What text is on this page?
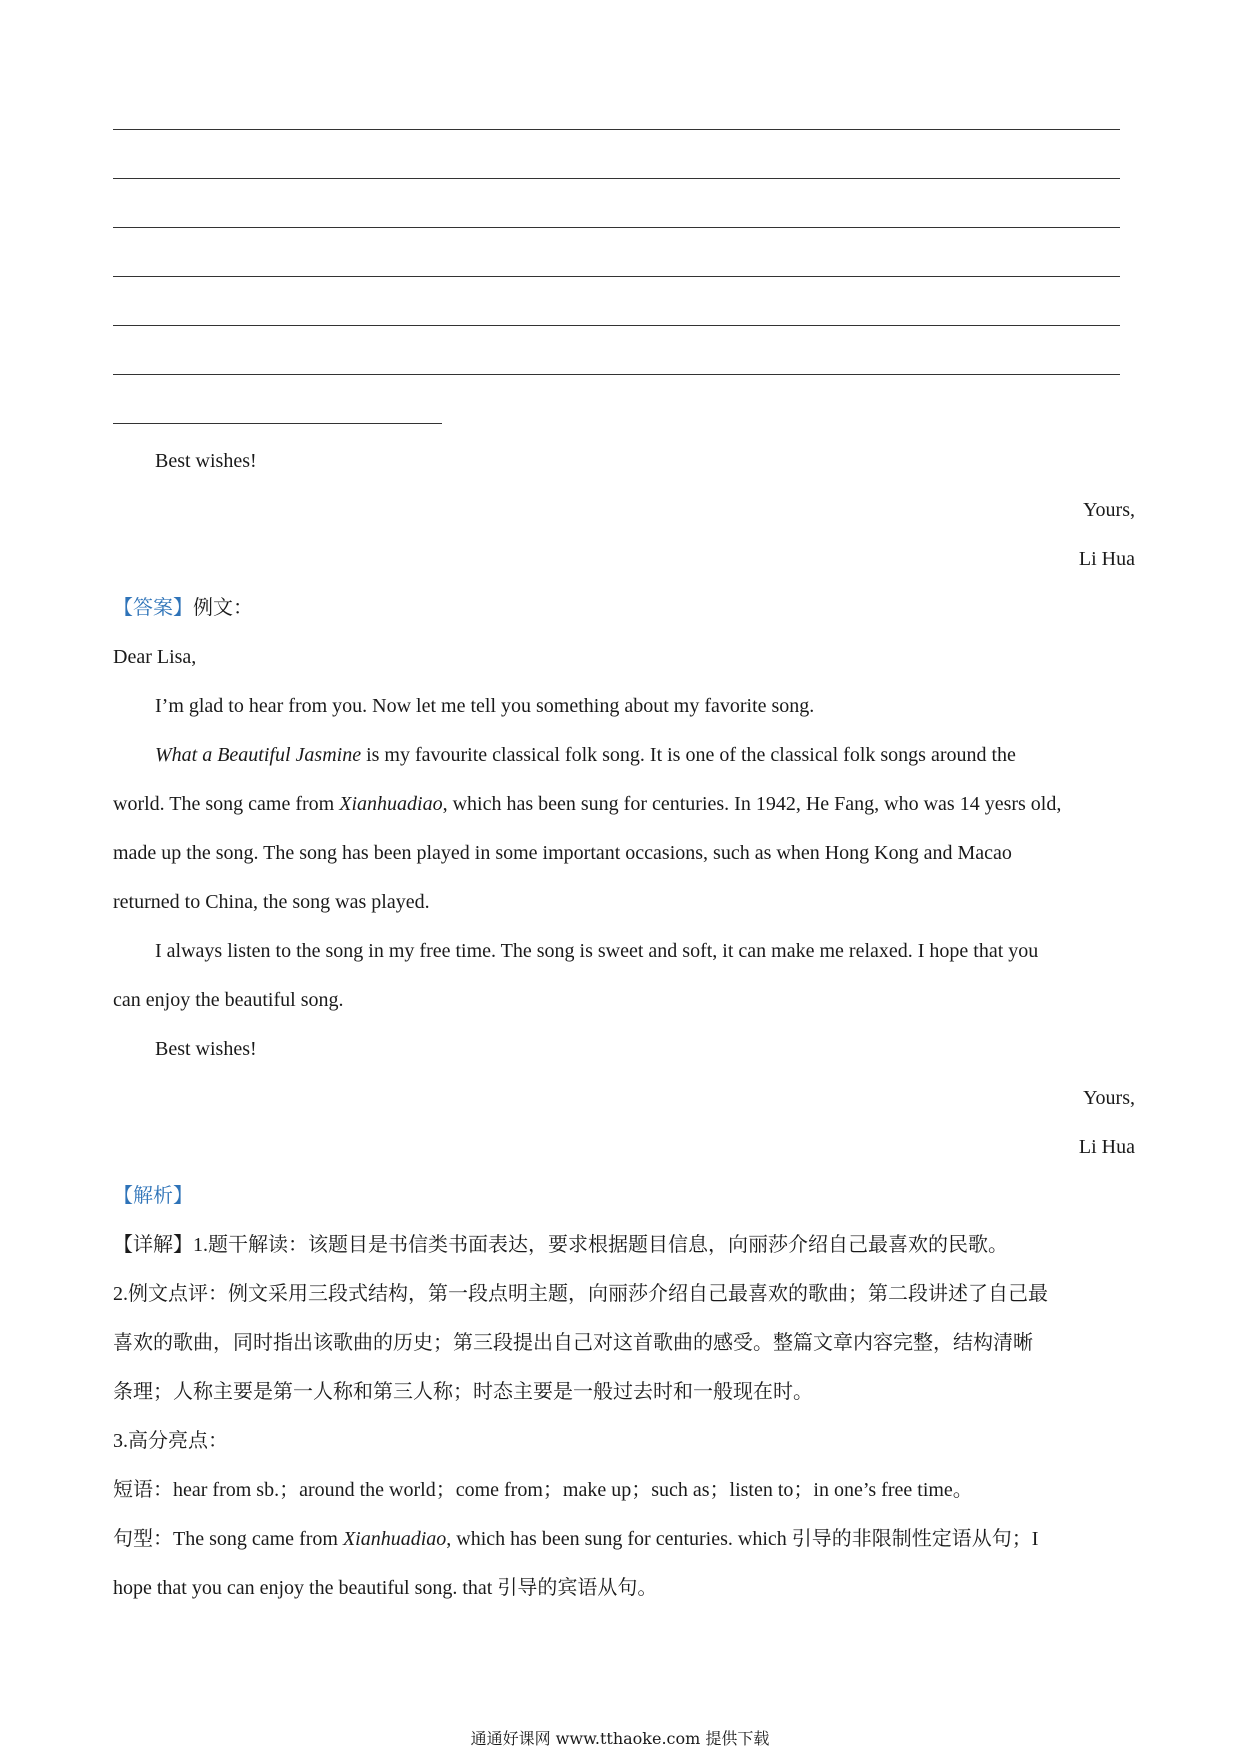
Best wishes!
Yours,
Li Hua
【答案】例文：
Dear Lisa,
I’m glad to hear from you. Now let me tell you something about my favorite song.
What a Beautiful Jasmine is my favourite classical folk song. It is one of the classical folk songs around the
world. The song came from Xianhuadiao, which has been sung for centuries. In 1942, He Fang, who was 14 yesrs old,
made up the song. The song has been played in some important occasions, such as when Hong Kong and Macao
returned to China, the song was played.
I always listen to the song in my free time. The song is sweet and soft, it can make me relaxed. I hope that you
can enjoy the beautiful song.
Best wishes!
Yours,
Li Hua
【解析】
【详解】1.题干解读：该题目是书信类书面表达，要求根据题目信息，向丽莎介绍自己最喜欢的民歌。
2.例文点评：例文采用三段式结构，第一段点明主题，向丽莎介绍自己最喜欢的歌曲；第二段讲述了自己最
喜欢的歌曲，同时指出该歌曲的历史；第三段提出自己对这首歌曲的感受。整篇文章内容完整，结构清晰
条理；人称主要是第一人称和第三人称；时态主要是一般过去时和一般现在时。
3.高分亮点：
短语：hear from sb.；around the world；come from；make up；such as；listen to；in one’s free time。
句型：The song came from Xianhuadiao, which has been sung for centuries. which 引导的非限制性定语从句；I
hope that you can enjoy the beautiful song. that 引导的宾语从句。
通通好课网 www.tthaoke.com 提供下载
